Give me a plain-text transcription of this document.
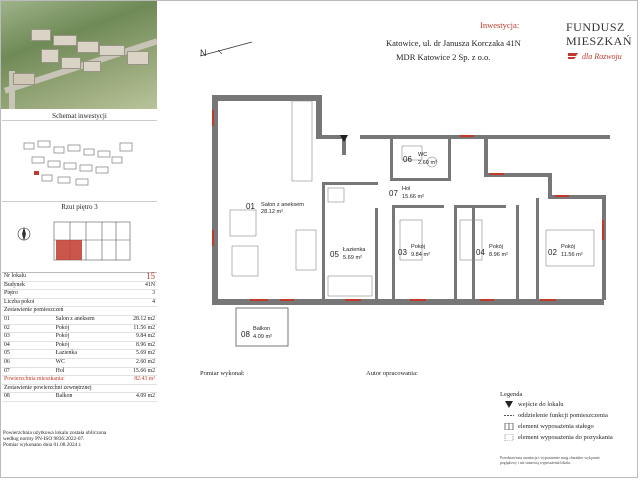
Schemat inwestycji
Rzut piętro 3
Nr lokalu		15
Budynek		41N
Piętro		3
Liczba pokoi		4
Zestawienie pomieszczeń		
01	Salon z aneksem	28.12 m2
02	Pokój	11.56 m2
03	Pokój	9.84 m2
04	Pokój	8.96 m2
05	Łazienka	5.69 m2
06	WC	2.60 m2
07	Hol	15.66 m2
Powierzchnia mieszkania:		82.43 m²
Zestawienie powierzchni zewnętrznej		
08	Balkon	4.09 m2
Powierzchnia użytkowa lokalu została obliczona
według normy PN-ISO 9836:2022-07.
Pomiar wykonano dnia 01.08.2024 r.
Inwestycja:
Katowice, ul. dr Janusza Korczaka 41N
MDR Katowice 2 Sp. z o.o.
FUNDUSZ
MIESZKAŃ
dla Rozwoju
N
01 Salon z aneksem
28.12 m²
02
Pokój
11.56 m²
03
Pokój
9.84 m²	04
Pokój
8.96 m²
05 Łazienka
5.69 m²
06 WC
2.60 m²
07 Hol
15.66 m²
08
Balkon
4.09 m²
Pomiar wykonał:	Autor opracowania:
Legenda
wejście do lokalu
oddzielenie funkcji pomieszczenia
element wyposażenia stałego
element wyposażenia do pozyskania
Przedstawiona aranżacja i wyposażenie mają charakter wyłącznie
poglądowy i nie stanowią wyposażenia lokalu.
